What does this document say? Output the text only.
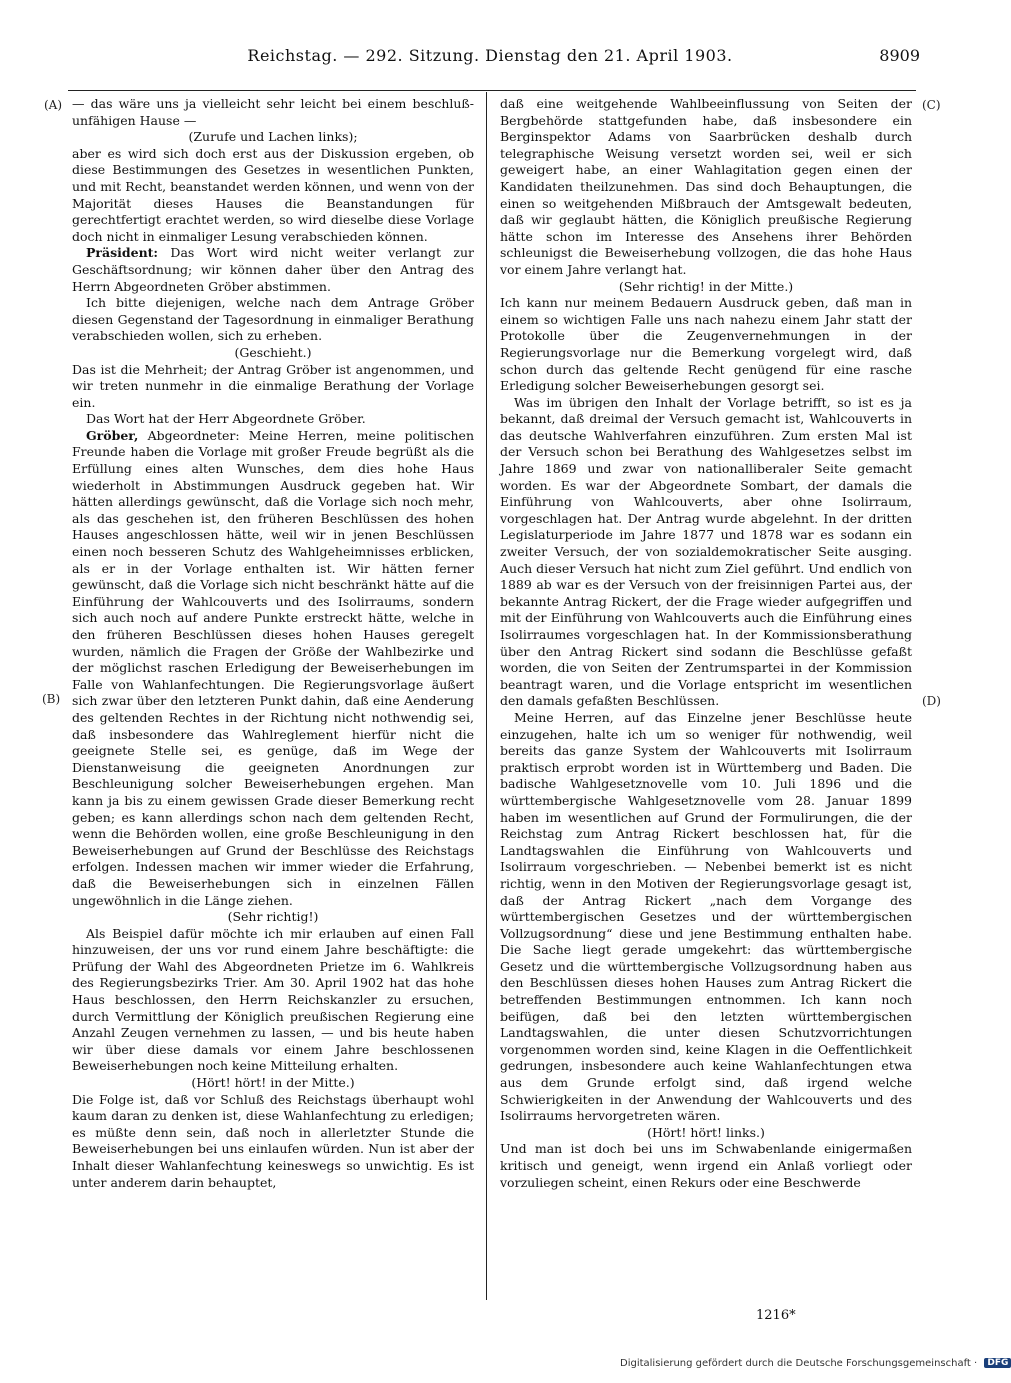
Reichstag. — 292. Sitzung. Dienstag den 21. April 1903.	8909
(A)
(B)
(C)
(D)

— das wäre uns ja vielleicht sehr leicht bei einem beschluß-unfähigen Hause —

(Zurufe und Lachen links);

aber es wird sich doch erst aus der Diskussion ergeben, ob diese Bestimmungen des Gesetzes in wesentlichen Punkten, und mit Recht, beanstandet werden können, und wenn von der Majorität dieses Hauses die Beanstandungen für gerechtfertigt erachtet werden, so wird dieselbe diese Vorlage doch nicht in einmaliger Lesung verabschieden können.

Präsident: Das Wort wird nicht weiter verlangt zur Geschäftsordnung; wir können daher über den Antrag des Herrn Abgeordneten Gröber abstimmen.

Ich bitte diejenigen, welche nach dem Antrage Gröber diesen Gegenstand der Tagesordnung in einmaliger Berathung verabschieden wollen, sich zu erheben.

(Geschieht.)

Das ist die Mehrheit; der Antrag Gröber ist angenommen, und wir treten nunmehr in die einmalige Berathung der Vorlage ein.

Das Wort hat der Herr Abgeordnete Gröber.

Gröber, Abgeordneter: Meine Herren, meine politischen Freunde haben die Vorlage mit großer Freude begrüßt als die Erfüllung eines alten Wunsches, dem dies hohe Haus wiederholt in Abstimmungen Ausdruck gegeben hat. Wir hätten allerdings gewünscht, daß die Vorlage sich noch mehr, als das geschehen ist, den früheren Beschlüssen des hohen Hauses angeschlossen hätte, weil wir in jenen Beschlüssen einen noch besseren Schutz des Wahlgeheimnisses erblicken, als er in der Vorlage enthalten ist. Wir hätten ferner gewünscht, daß die Vorlage sich nicht beschränkt hätte auf die Einführung der Wahlcouverts und des Isolirraums, sondern sich auch noch auf andere Punkte erstreckt hätte, welche in den früheren Beschlüssen dieses hohen Hauses geregelt wurden, nämlich die Fragen der Größe der Wahlbezirke und der möglichst raschen Erledigung der Beweiserhebungen im Falle von Wahlanfechtungen. Die Regierungsvorlage äußert sich zwar über den letzteren Punkt dahin, daß eine Aenderung des geltenden Rechtes in der Richtung nicht nothwendig sei, daß insbesondere das Wahlreglement hierfür nicht die geeignete Stelle sei, es genüge, daß im Wege der Dienstanweisung die geeigneten Anordnungen zur Beschleunigung solcher Beweiserhebungen ergehen. Man kann ja bis zu einem gewissen Grade dieser Bemerkung recht geben; es kann allerdings schon nach dem geltenden Recht, wenn die Behörden wollen, eine große Beschleunigung in den Beweiserhebungen auf Grund der Beschlüsse des Reichstags erfolgen. Indessen machen wir immer wieder die Erfahrung, daß die Beweiserhebungen sich in einzelnen Fällen ungewöhnlich in die Länge ziehen.

(Sehr richtig!)

Als Beispiel dafür möchte ich mir erlauben auf einen Fall hinzuweisen, der uns vor rund einem Jahre beschäftigte: die Prüfung der Wahl des Abgeordneten Prietze im 6. Wahlkreis des Regierungsbezirks Trier. Am 30. April 1902 hat das hohe Haus beschlossen, den Herrn Reichskanzler zu ersuchen, durch Vermittlung der Königlich preußischen Regierung eine Anzahl Zeugen vernehmen zu lassen, — und bis heute haben wir über diese damals vor einem Jahre beschlossenen Beweiserhebungen noch keine Mitteilung erhalten.

(Hört! hört! in der Mitte.)

Die Folge ist, daß vor Schluß des Reichstags überhaupt wohl kaum daran zu denken ist, diese Wahlanfechtung zu erledigen; es müßte denn sein, daß noch in allerletzter Stunde die Beweiserhebungen bei uns einlaufen würden. Nun ist aber der Inhalt dieser Wahlanfechtung keineswegs so unwichtig. Es ist unter anderem darin behauptet,

daß eine weitgehende Wahlbeeinflussung von Seiten der Bergbehörde stattgefunden habe, daß insbesondere ein Berginspektor Adams von Saarbrücken deshalb durch telegraphische Weisung versetzt worden sei, weil er sich geweigert habe, an einer Wahlagitation gegen einen der Kandidaten theilzunehmen. Das sind doch Behauptungen, die einen so weitgehenden Mißbrauch der Amtsgewalt bedeuten, daß wir geglaubt hätten, die Königlich preußische Regierung hätte schon im Interesse des Ansehens ihrer Behörden schleunigst die Beweiserhebung vollzogen, die das hohe Haus vor einem Jahre verlangt hat.

(Sehr richtig! in der Mitte.)

Ich kann nur meinem Bedauern Ausdruck geben, daß man in einem so wichtigen Falle uns nach nahezu einem Jahr statt der Protokolle über die Zeugenvernehmungen in der Regierungsvorlage nur die Bemerkung vorgelegt wird, daß schon durch das geltende Recht genügend für eine rasche Erledigung solcher Beweiserhebungen gesorgt sei.

Was im übrigen den Inhalt der Vorlage betrifft, so ist es ja bekannt, daß dreimal der Versuch gemacht ist, Wahlcouverts in das deutsche Wahlverfahren einzuführen. Zum ersten Mal ist der Versuch schon bei Berathung des Wahlgesetzes selbst im Jahre 1869 und zwar von nationalliberaler Seite gemacht worden. Es war der Abgeordnete Sombart, der damals die Einführung von Wahlcouverts, aber ohne Isolirraum, vorgeschlagen hat. Der Antrag wurde abgelehnt. In der dritten Legislaturperiode im Jahre 1877 und 1878 war es sodann ein zweiter Versuch, der von sozialdemokratischer Seite ausging. Auch dieser Versuch hat nicht zum Ziel geführt. Und endlich von 1889 ab war es der Versuch von der freisinnigen Partei aus, der bekannte Antrag Rickert, der die Frage wieder aufgegriffen und mit der Einführung von Wahlcouverts auch die Einführung eines Isolirraumes vorgeschlagen hat. In der Kommissionsberathung über den Antrag Rickert sind sodann die Beschlüsse gefaßt worden, die von Seiten der Zentrumspartei in der Kommission beantragt waren, und die Vorlage entspricht im wesentlichen den damals gefaßten Beschlüssen.

Meine Herren, auf das Einzelne jener Beschlüsse heute einzugehen, halte ich um so weniger für nothwendig, weil bereits das ganze System der Wahlcouverts mit Isolirraum praktisch erprobt worden ist in Württemberg und Baden. Die badische Wahlgesetznovelle vom 10. Juli 1896 und die württembergische Wahlgesetznovelle vom 28. Januar 1899 haben im wesentlichen auf Grund der Formulirungen, die der Reichstag zum Antrag Rickert beschlossen hat, für die Landtagswahlen die Einführung von Wahlcouverts und Isolirraum vorgeschrieben. — Nebenbei bemerkt ist es nicht richtig, wenn in den Motiven der Regierungsvorlage gesagt ist, daß der Antrag Rickert „nach dem Vorgange des württembergischen Gesetzes und der württembergischen Vollzugsordnung“ diese und jene Bestimmung enthalten habe. Die Sache liegt gerade umgekehrt: das württembergische Gesetz und die württembergische Vollzugsordnung haben aus den Beschlüssen dieses hohen Hauses zum Antrag Rickert die betreffenden Bestimmungen entnommen. Ich kann noch beifügen, daß bei den letzten württembergischen Landtagswahlen, die unter diesen Schutzvorrichtungen vorgenommen worden sind, keine Klagen in die Oeffentlichkeit gedrungen, insbesondere auch keine Wahlanfechtungen etwa aus dem Grunde erfolgt sind, daß irgend welche Schwierigkeiten in der Anwendung der Wahlcouverts und des Isolirraums hervorgetreten wären.

(Hört! hört! links.)

Und man ist doch bei uns im Schwabenlande einigermaßen kritisch und geneigt, wenn irgend ein Anlaß vorliegt oder vorzuliegen scheint, einen Rekurs oder eine Beschwerde

1216*
Digitalisierung gefördert durch die Deutsche Forschungsgemeinschaft · DFG
